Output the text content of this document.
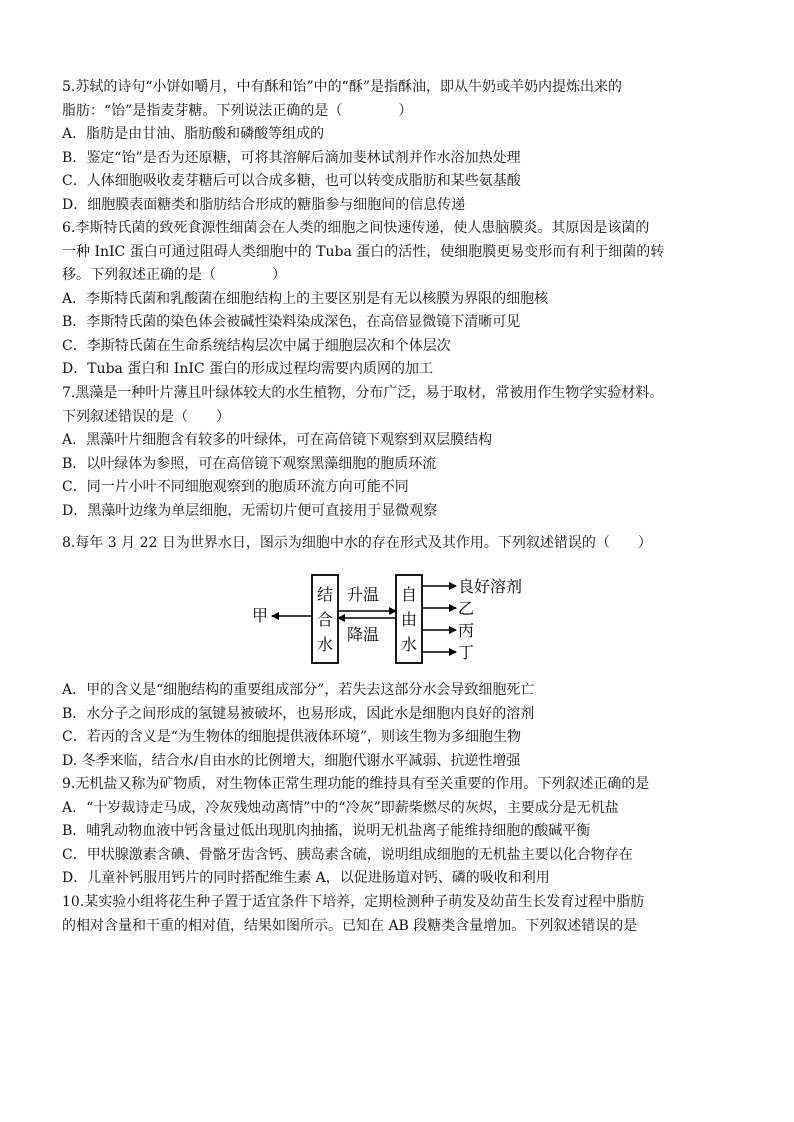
5.苏轼的诗句“小饼如嚼月，中有酥和饴”中的“酥”是指酥油，即从牛奶或羊奶内提炼出来的
脂肪：“饴”是指麦芽糖。下列说法正确的是（　　　　）
A．脂肪是由甘油、脂肪酸和磷酸等组成的
B．鉴定“饴”是否为还原糖，可将其溶解后滴加斐林试剂并作水浴加热处理
C．人体细胞吸收麦芽糖后可以合成多糖，也可以转变成脂肪和某些氨基酸
D．细胞膜表面糖类和脂肪结合形成的糖脂参与细胞间的信息传递
6.李斯特氏菌的致死食源性细菌会在人类的细胞之间快速传递，使人患脑膜炎。其原因是该菌的
一种 InIC 蛋白可通过阻碍人类细胞中的 Tuba 蛋白的活性，使细胞膜更易变形而有利于细菌的转
移。下列叙述正确的是（　　　　）
A．李斯特氏菌和乳酸菌在细胞结构上的主要区别是有无以核膜为界限的细胞核
B．李斯特氏菌的染色体会被碱性染料染成深色，在高倍显微镜下清晰可见
C．李斯特氏菌在生命系统结构层次中属于细胞层次和个体层次
D．Tuba 蛋白和 InIC 蛋白的形成过程均需要内质网的加工
7.黑藻是一种叶片薄且叶绿体较大的水生植物，分布广泛，易于取材，常被用作生物学实验材料。
下列叙述错误的是（　　）
A．黑藻叶片细胞含有较多的叶绿体，可在高倍镜下观察到双层膜结构
B．以叶绿体为参照，可在高倍镜下观察黑藻细胞的胞质环流
C．同一片小叶不同细胞观察到的胞质环流方向可能不同
D．黑藻叶边缘为单层细胞，无需切片便可直接用于显微观察
8.每年 3 月 22 日为世界水日，图示为细胞中水的存在形式及其作用。下列叙述错误的（　　）
甲
结
合
水
升温
降温
自
由
水
良好溶剂
乙
丙
丁
A．甲的含义是“细胞结构的重要组成部分”，若失去这部分水会导致细胞死亡
B．水分子之间形成的氢键易被破坏，也易形成，因此水是细胞内良好的溶剂
C．若丙的含义是“为生物体的细胞提供液体环境”，则该生物为多细胞生物
D. 冬季来临，结合水/自由水的比例增大，细胞代谢水平减弱、抗逆性增强
9.无机盐又称为矿物质，对生物体正常生理功能的维持具有至关重要的作用。下列叙述正确的是
A．“十岁裁诗走马成，冷灰残烛动离情”中的“冷灰”即薪柴燃尽的灰烬，主要成分是无机盐
B．哺乳动物血液中钙含量过低出现肌肉抽搐，说明无机盐离子能维持细胞的酸碱平衡
C．甲状腺激素含碘、骨骼牙齿含钙、胰岛素含硫，说明组成细胞的无机盐主要以化合物存在
D．儿童补钙服用钙片的同时搭配维生素 A，以促进肠道对钙、磷的吸收和利用
10.某实验小组将花生种子置于适宜条件下培养，定期检测种子萌发及幼苗生长发育过程中脂肪
的相对含量和干重的相对值，结果如图所示。已知在 AB 段糖类含量增加。下列叙述错误的是
